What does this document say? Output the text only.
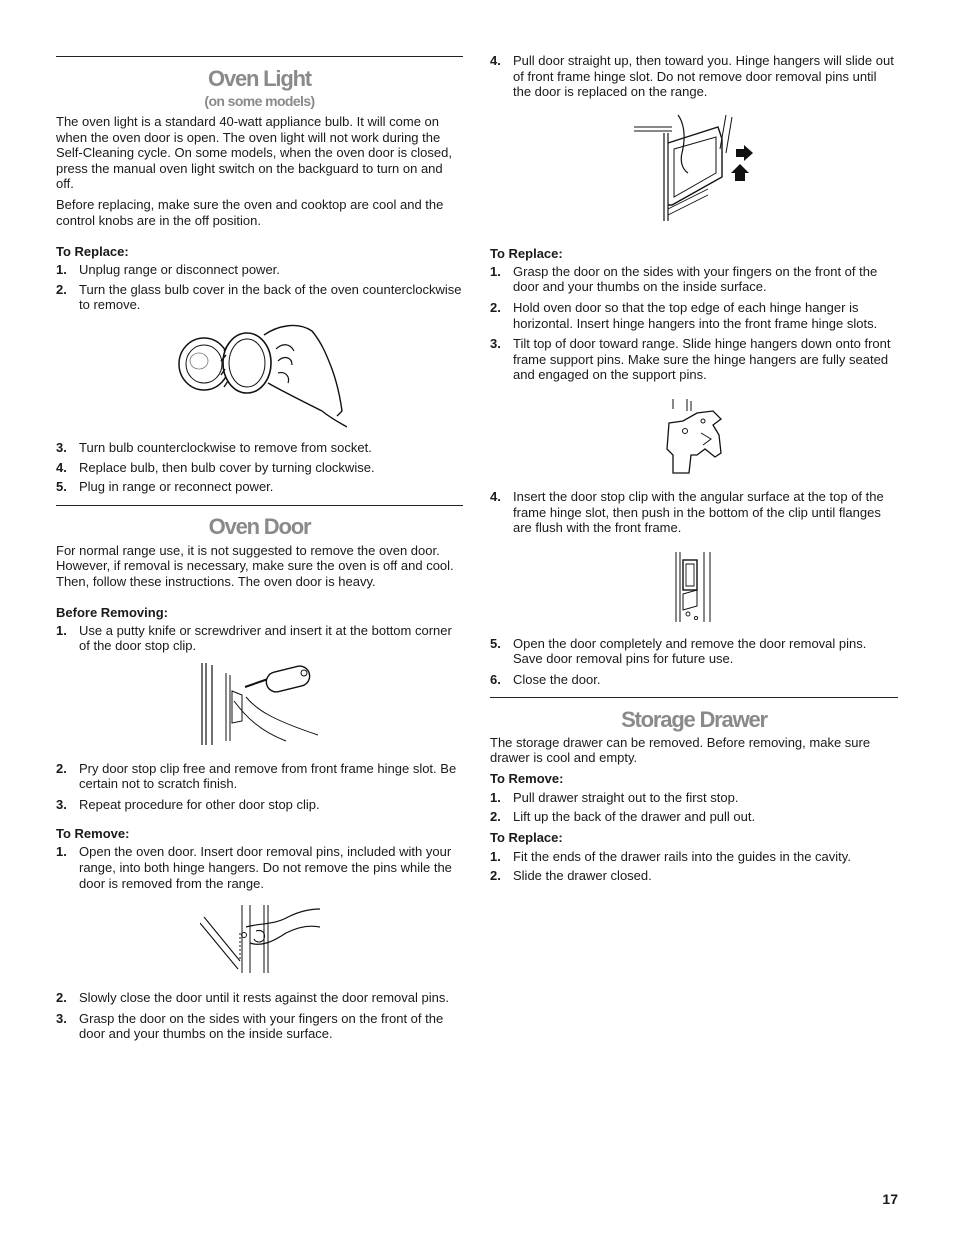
Oven Light
(on some models)

The oven light is a standard 40-watt appliance bulb. It will come on when the oven door is open. The oven light will not work during the Self-Cleaning cycle. On some models, when the oven door is closed, press the manual oven light switch on the backguard to turn on and off.

Before replacing, make sure the oven and cooktop are cool and the control knobs are in the off position.

To Replace:
1. Unplug range or disconnect power.
2. Turn the glass bulb cover in the back of the oven counterclockwise to remove.
3. Turn bulb counterclockwise to remove from socket.
4. Replace bulb, then bulb cover by turning clockwise.
5. Plug in range or reconnect power.
Oven Door

For normal range use, it is not suggested to remove the oven door. However, if removal is necessary, make sure the oven is off and cool. Then, follow these instructions. The oven door is heavy.

Before Removing:
1. Use a putty knife or screwdriver and insert it at the bottom corner of the door stop clip.
2. Pry door stop clip free and remove from front frame hinge slot. Be certain not to scratch finish.
3. Repeat procedure for other door stop clip.
To Remove:
1. Open the oven door. Insert door removal pins, included with your range, into both hinge hangers. Do not remove the pins while the door is removed from the range.
2. Slowly close the door until it rests against the door removal pins.
3. Grasp the door on the sides with your fingers on the front of the door and your thumbs on the inside surface.
4. Pull door straight up, then toward you. Hinge hangers will slide out of front frame hinge slot. Do not remove door removal pins until the door is replaced on the range.
To Replace:
1. Grasp the door on the sides with your fingers on the front of the door and your thumbs on the inside surface.
2. Hold oven door so that the top edge of each hinge hanger is horizontal. Insert hinge hangers into the front frame hinge slots.
3. Tilt top of door toward range. Slide hinge hangers down onto front frame support pins. Make sure the hinge hangers are fully seated and engaged on the support pins.
4. Insert the door stop clip with the angular surface at the top of the frame hinge slot, then push in the bottom of the clip until flanges are flush with the front frame.
5. Open the door completely and remove the door removal pins. Save door removal pins for future use.
6. Close the door.
Storage Drawer

The storage drawer can be removed. Before removing, make sure drawer is cool and empty.

To Remove:
1. Pull drawer straight out to the first stop.
2. Lift up the back of the drawer and pull out.
To Replace:
1. Fit the ends of the drawer rails into the guides in the cavity.
2. Slide the drawer closed.
17
